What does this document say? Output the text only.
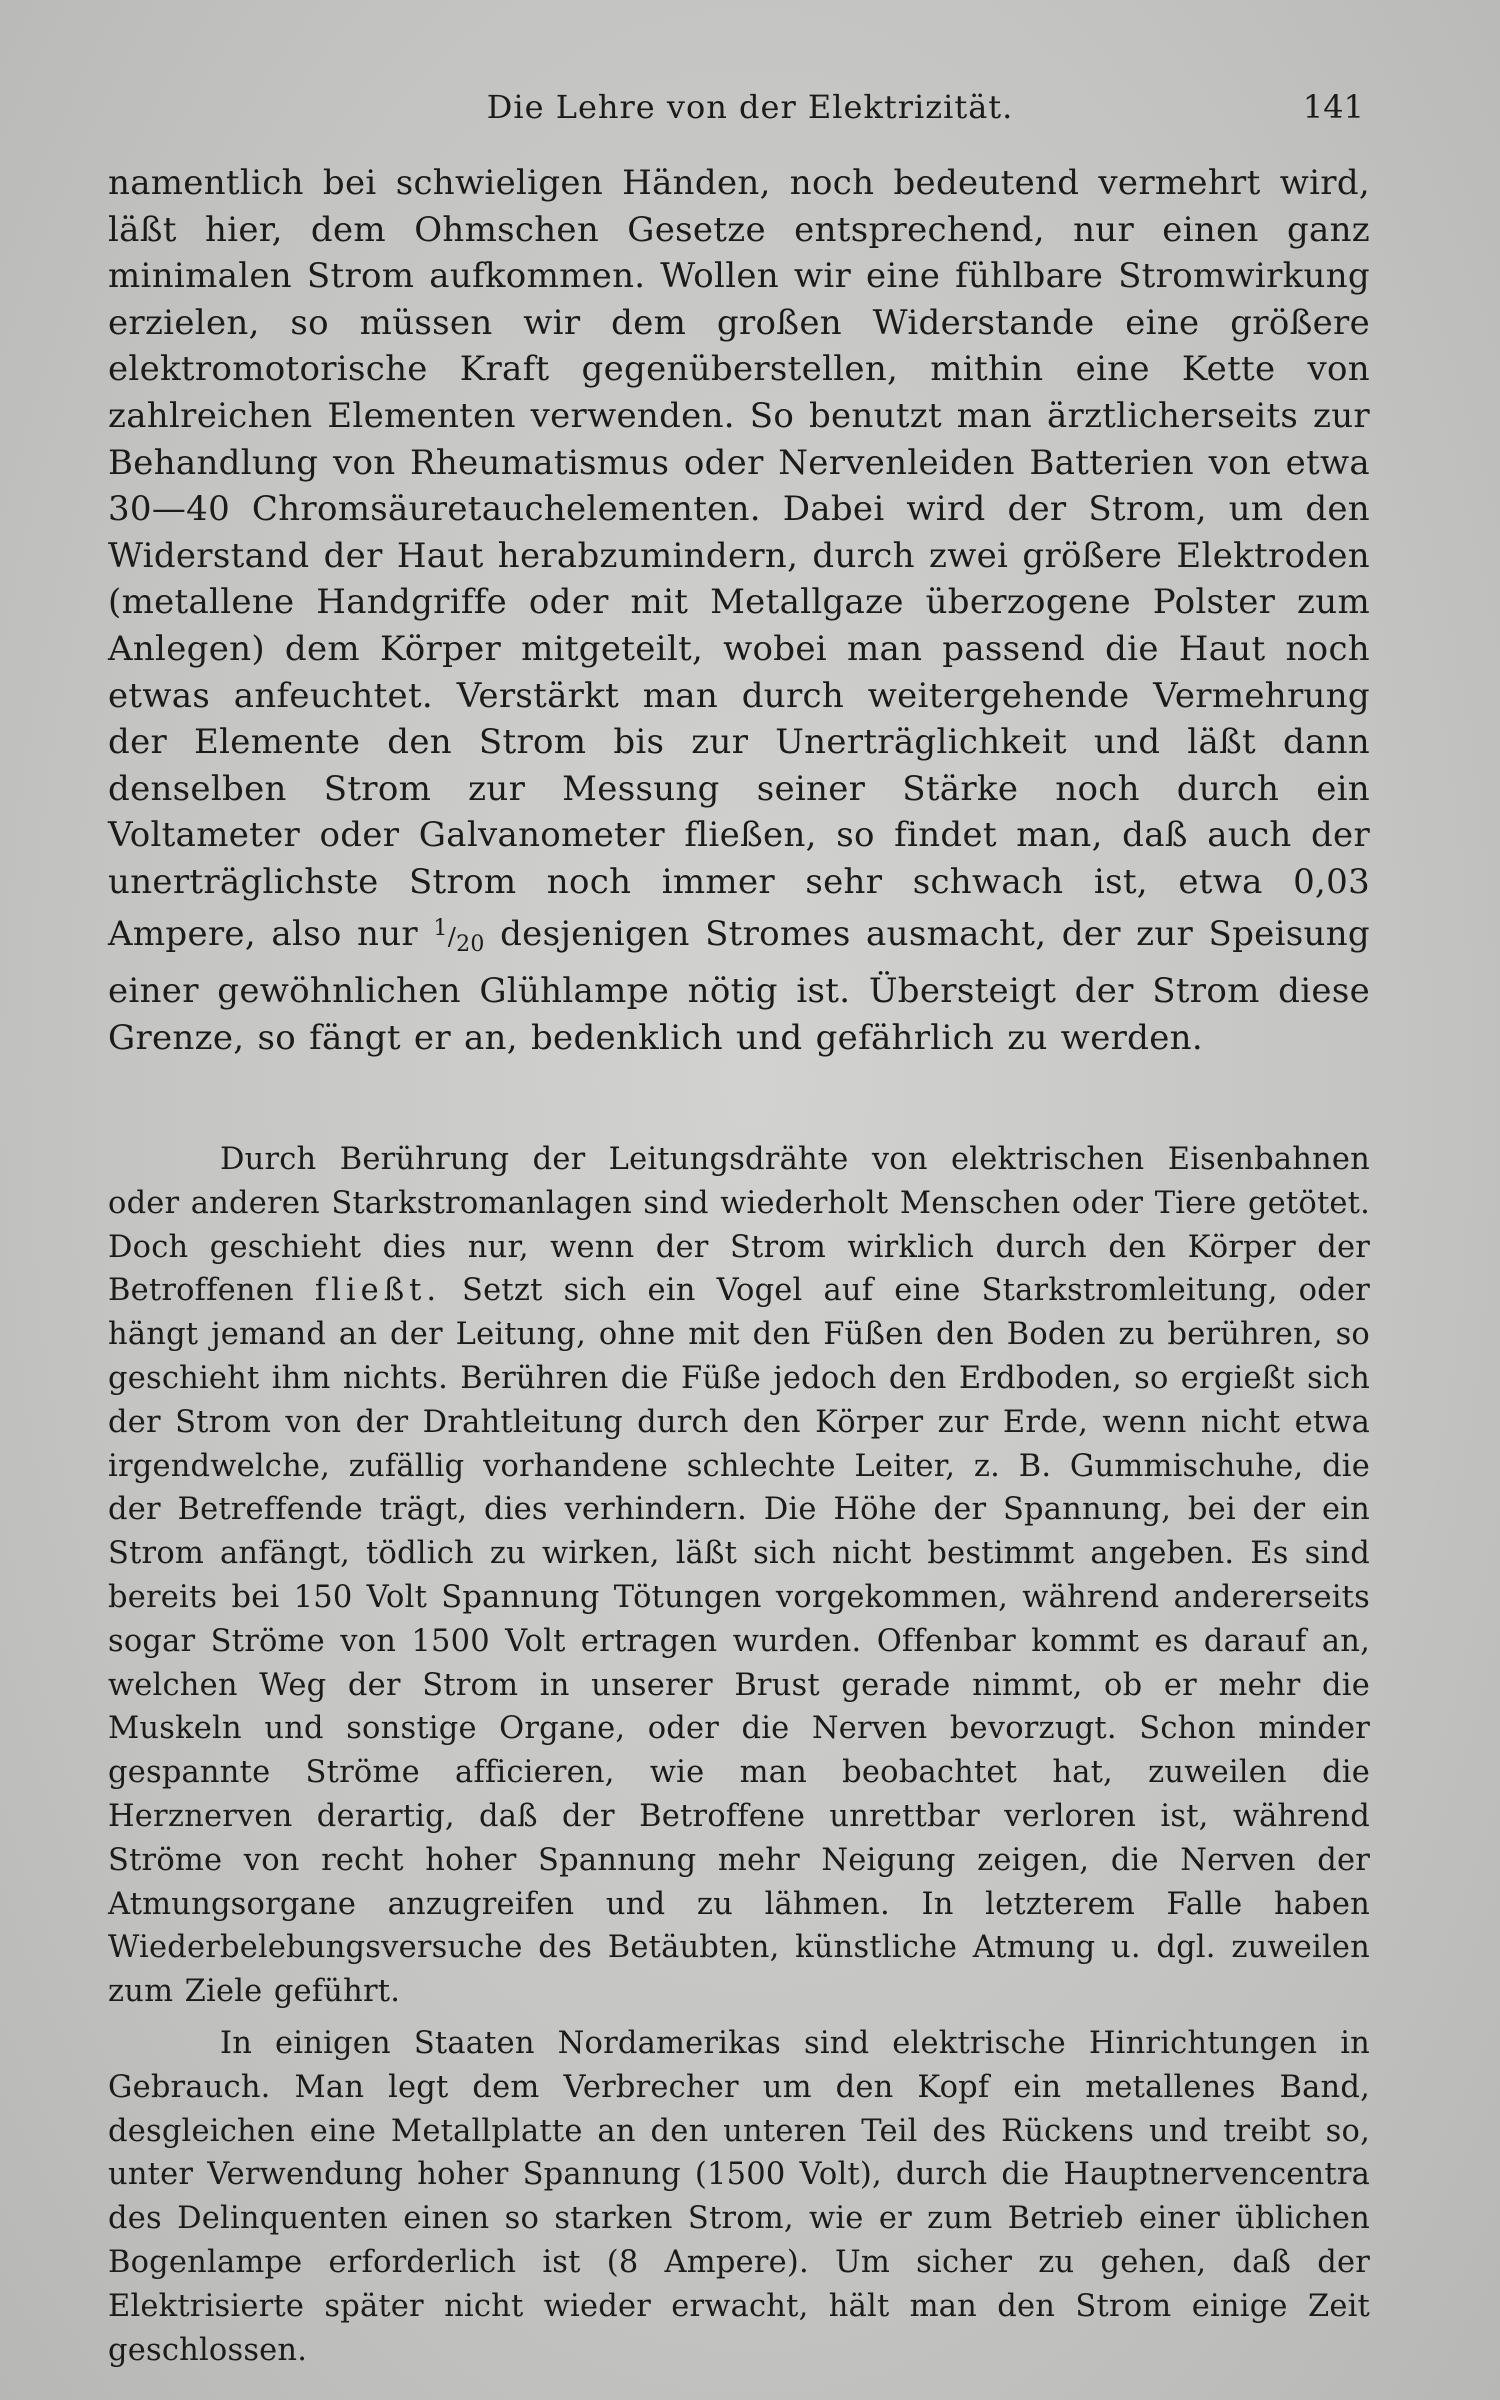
Die Lehre von der Elektrizität.	141

namentlich bei schwieligen Händen, noch bedeutend vermehrt wird, läßt hier, dem Ohmschen Gesetze entsprechend, nur einen ganz minimalen Strom aufkommen. Wollen wir eine fühlbare Stromwirkung erzielen, so müssen wir dem großen Widerstande eine größere elektromotorische Kraft gegenüberstellen, mithin eine Kette von zahlreichen Elementen verwenden. So benutzt man ärztlicherseits zur Behandlung von Rheumatismus oder Nervenleiden Batterien von etwa 30—40 Chromsäuretauchelementen. Dabei wird der Strom, um den Widerstand der Haut herabzumindern, durch zwei größere Elektroden (metallene Handgriffe oder mit Metallgaze überzogene Polster zum Anlegen) dem Körper mitgeteilt, wobei man passend die Haut noch etwas anfeuchtet. Verstärkt man durch weitergehende Vermehrung der Elemente den Strom bis zur Unerträglichkeit und läßt dann denselben Strom zur Messung seiner Stärke noch durch ein Voltameter oder Galvanometer fließen, so findet man, daß auch der unerträglichste Strom noch immer sehr schwach ist, etwa 0,03 Ampere, also nur $^1/_{20}$ desjenigen Stromes ausmacht, der zur Speisung einer gewöhnlichen Glühlampe nötig ist. Übersteigt der Strom diese Grenze, so fängt er an, bedenklich und gefährlich zu werden.

Durch Berührung der Leitungsdrähte von elektrischen Eisenbahnen oder anderen Starkstromanlagen sind wiederholt Menschen oder Tiere getötet. Doch geschieht dies nur, wenn der Strom wirklich durch den Körper der Betroffenen fließt. Setzt sich ein Vogel auf eine Starkstromleitung, oder hängt jemand an der Leitung, ohne mit den Füßen den Boden zu berühren, so geschieht ihm nichts. Berühren die Füße jedoch den Erdboden, so ergießt sich der Strom von der Drahtleitung durch den Körper zur Erde, wenn nicht etwa irgendwelche, zufällig vorhandene schlechte Leiter, z. B. Gummischuhe, die der Betreffende trägt, dies verhindern. Die Höhe der Spannung, bei der ein Strom anfängt, tödlich zu wirken, läßt sich nicht bestimmt angeben. Es sind bereits bei 150 Volt Spannung Tötungen vorgekommen, während andererseits sogar Ströme von 1500 Volt ertragen wurden. Offenbar kommt es darauf an, welchen Weg der Strom in unserer Brust gerade nimmt, ob er mehr die Muskeln und sonstige Organe, oder die Nerven bevorzugt. Schon minder gespannte Ströme afficieren, wie man beobachtet hat, zuweilen die Herznerven derartig, daß der Betroffene unrettbar verloren ist, während Ströme von recht hoher Spannung mehr Neigung zeigen, die Nerven der Atmungsorgane anzugreifen und zu lähmen. In letzterem Falle haben Wiederbelebungsversuche des Betäubten, künstliche Atmung u. dgl. zuweilen zum Ziele geführt.

In einigen Staaten Nordamerikas sind elektrische Hinrichtungen in Gebrauch. Man legt dem Verbrecher um den Kopf ein metallenes Band, desgleichen eine Metallplatte an den unteren Teil des Rückens und treibt so, unter Verwendung hoher Spannung (1500 Volt), durch die Hauptnervencentra des Delinquenten einen so starken Strom, wie er zum Betrieb einer üblichen Bogenlampe erforderlich ist (8 Ampere). Um sicher zu gehen, daß der Elektrisierte später nicht wieder erwacht, hält man den Strom einige Zeit geschlossen.
